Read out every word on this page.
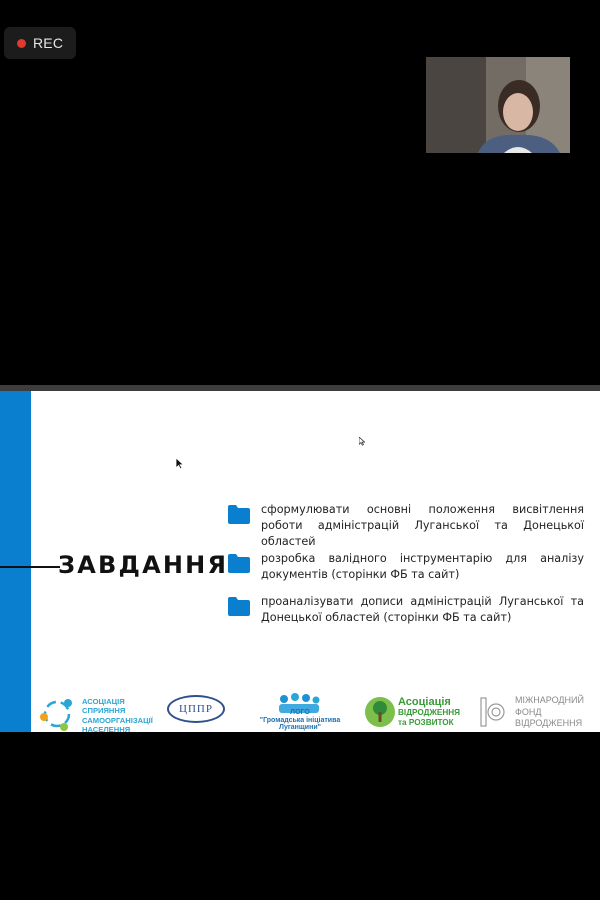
REC
ЗАВДАННЯ
сформулювати основні положення висвітлення роботи адміністрацій Луганської та Донецької областей
розробка валідного інструментарію для аналізу документів (сторінки ФБ та сайт)
проаналізувати дописи адміністрацій Луганської та Донецької областей (сторінки ФБ та сайт)
АСОЦІАЦІЯ
СПРИЯННЯ
САМООРГАНІЗАЦІЇ
НАСЕЛЕННЯ
ЦППР	ЛОГО
"Громадська ініціатива
Луганщини"
Асоціація
ВІДРОДЖЕННЯ
та РОЗВИТОК
МІЖНАРОДНИЙ
ФОНД
ВІДРОДЖЕННЯ
